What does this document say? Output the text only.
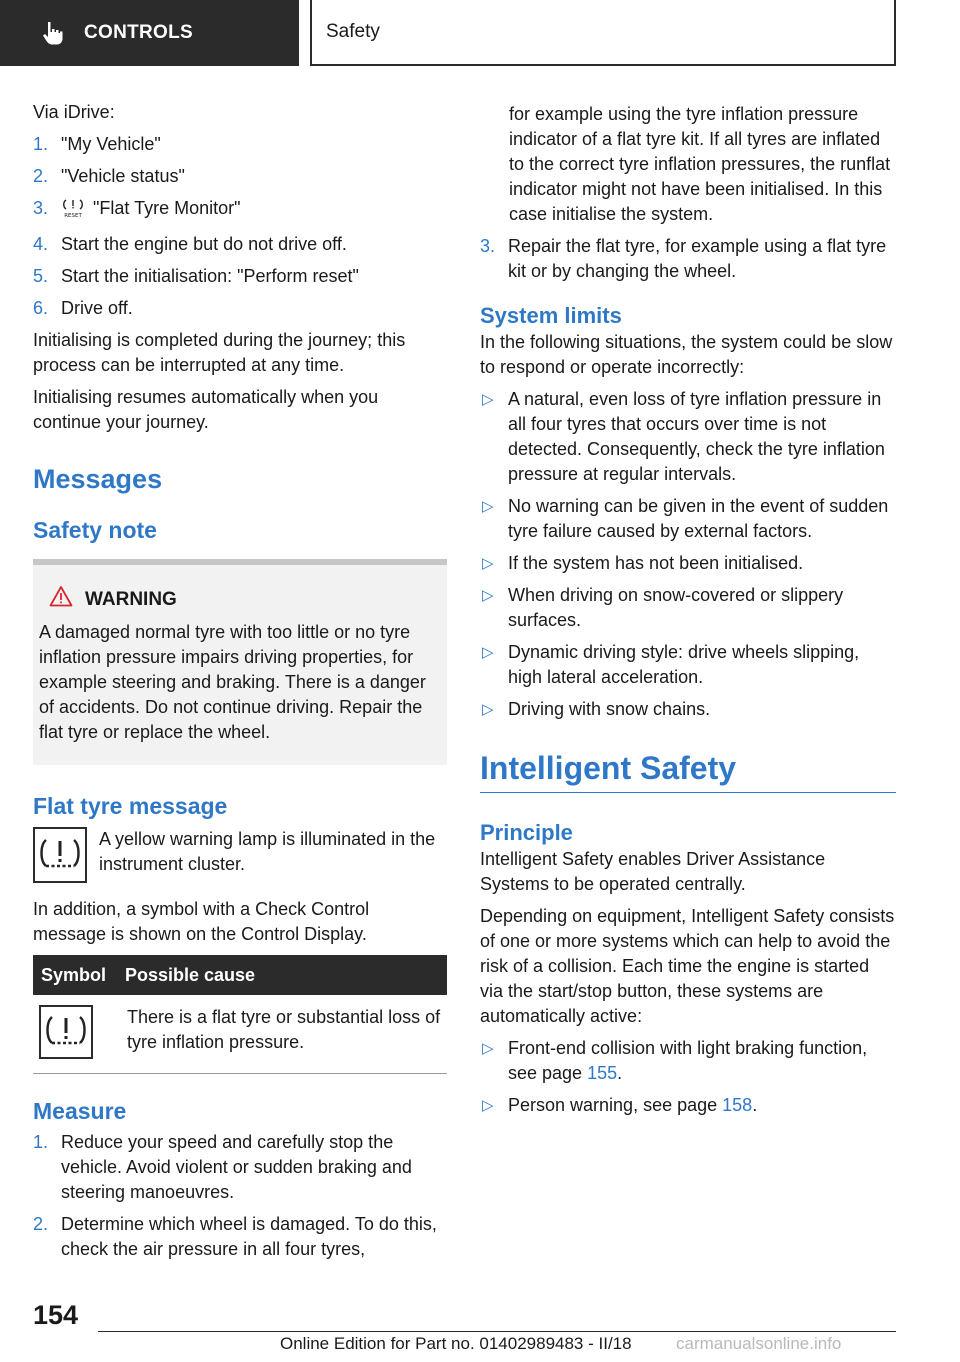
CONTROLS	Safety

Via iDrive:

1. "My Vehicle"
2. "Vehicle status"
3.	RESET "Flat Tyre Monitor"
4. Start the engine but do not drive off.
5. Start the initialisation: "Perform reset"
6. Drive off.

Initialising is completed during the journey; this process can be interrupted at any time.

Initialising resumes automatically when you continue your journey.

Messages
Safety note
WARNING
A damaged normal tyre with too little or no tyre inflation pressure impairs driving properties, for example steering and braking. There is a danger of accidents. Do not continue driving. Repair the flat tyre or replace the wheel.
Flat tyre message
A yellow warning lamp is illuminated in the instrument cluster.

In addition, a symbol with a Check Control message is shown on the Control Display.

Symbol	Possible cause
There is a flat tyre or substantial loss of tyre inflation pressure.
Measure
1. Reduce your speed and carefully stop the vehicle. Avoid violent or sudden braking and steering manoeuvres.
2. Determine which wheel is damaged. To do this, check the air pressure in all four tyres,
for example using the tyre inflation pressure indicator of a flat tyre kit. If all tyres are inflated to the correct tyre inflation pressures, the runflat indicator might not have been initialised. In this case initialise the system.
3. Repair the flat tyre, for example using a flat tyre kit or by changing the wheel.
System limits

In the following situations, the system could be slow to respond or operate incorrectly:

▷ A natural, even loss of tyre inflation pressure in all four tyres that occurs over time is not detected. Consequently, check the tyre inflation pressure at regular intervals.
▷ No warning can be given in the event of sudden tyre failure caused by external factors.
▷ If the system has not been initialised.
▷ When driving on snow-covered or slippery surfaces.
▷ Dynamic driving style: drive wheels slipping, high lateral acceleration.
▷ Driving with snow chains.
Intelligent Safety
Principle

Intelligent Safety enables Driver Assistance Systems to be operated centrally.

Depending on equipment, Intelligent Safety consists of one or more systems which can help to avoid the risk of a collision. Each time the engine is started via the start/stop button, these systems are automatically active:

▷ Front-end collision with light braking function, see page 155.
▷ Person warning, see page 158.
154
Online Edition for Part no. 01402989483 - II/18	carmanualsonline.info
